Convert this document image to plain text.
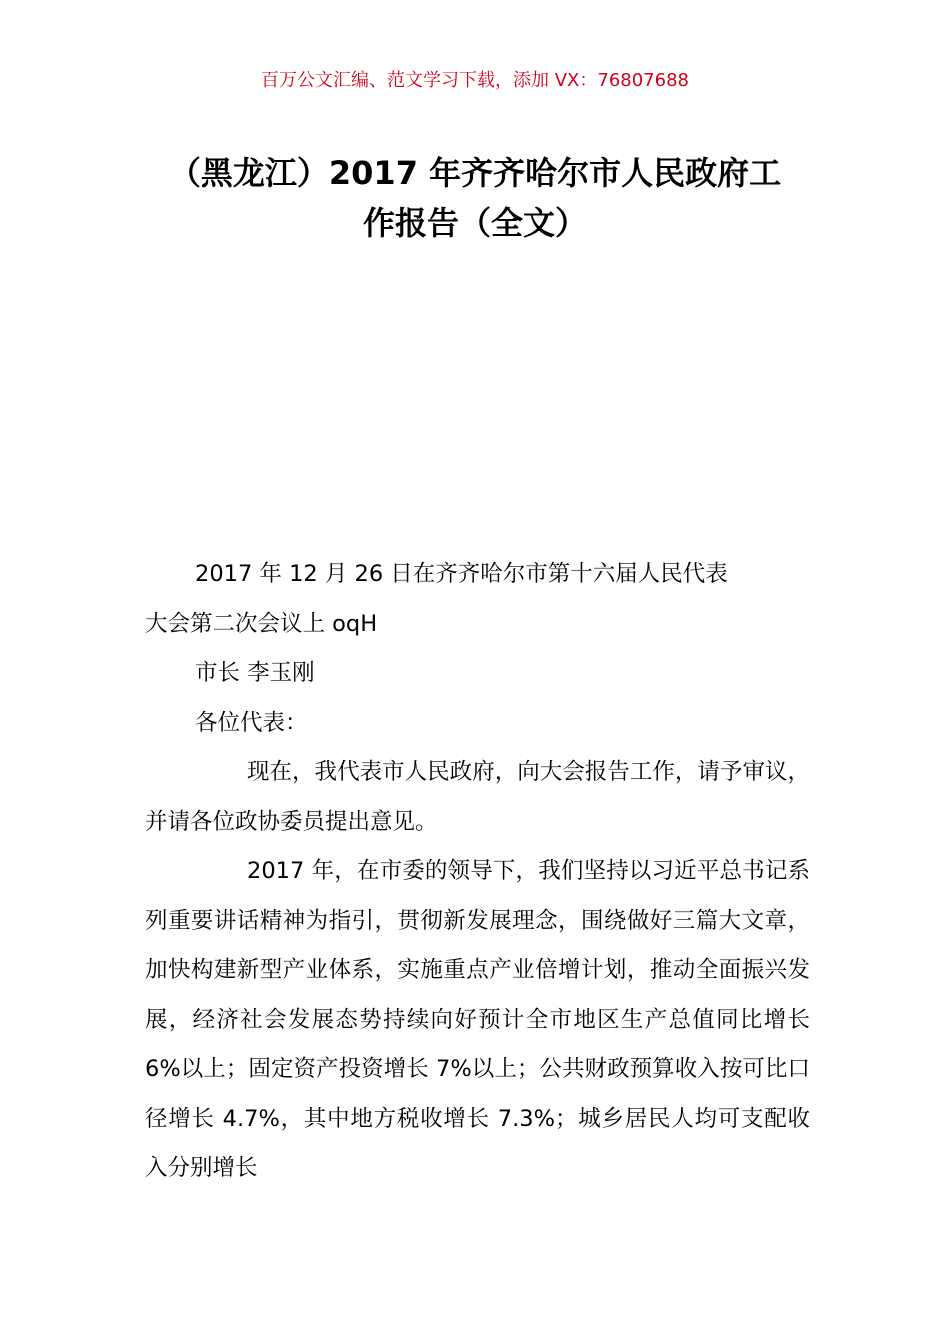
百万公文汇编、范文学习下载，添加 VX：76807688
（黑龙江）2017 年齐齐哈尔市人民政府工
作报告（全文）

2017 年 12 月 26 日在齐齐哈尔市第十六届人民代表

大会第二次会议上 oqH

市长 李玉刚

各位代表：

现在，我代表市人民政府，向大会报告工作，请予审议，并请各位政协委员提出意见。

2017 年，在市委的领导下，我们坚持以习近平总书记系列重要讲话精神为指引，贯彻新发展理念，围绕做好三篇大文章，加快构建新型产业体系，实施重点产业倍增计划，推动全面振兴发展，经济社会发展态势持续向好预计全市地区生产总值同比增长 6%以上；固定资产投资增长 7%以上；公共财政预算收入按可比口径增长 4.7%，其中地方税收增长 7.3%；城乡居民人均可支配收入分别增长
